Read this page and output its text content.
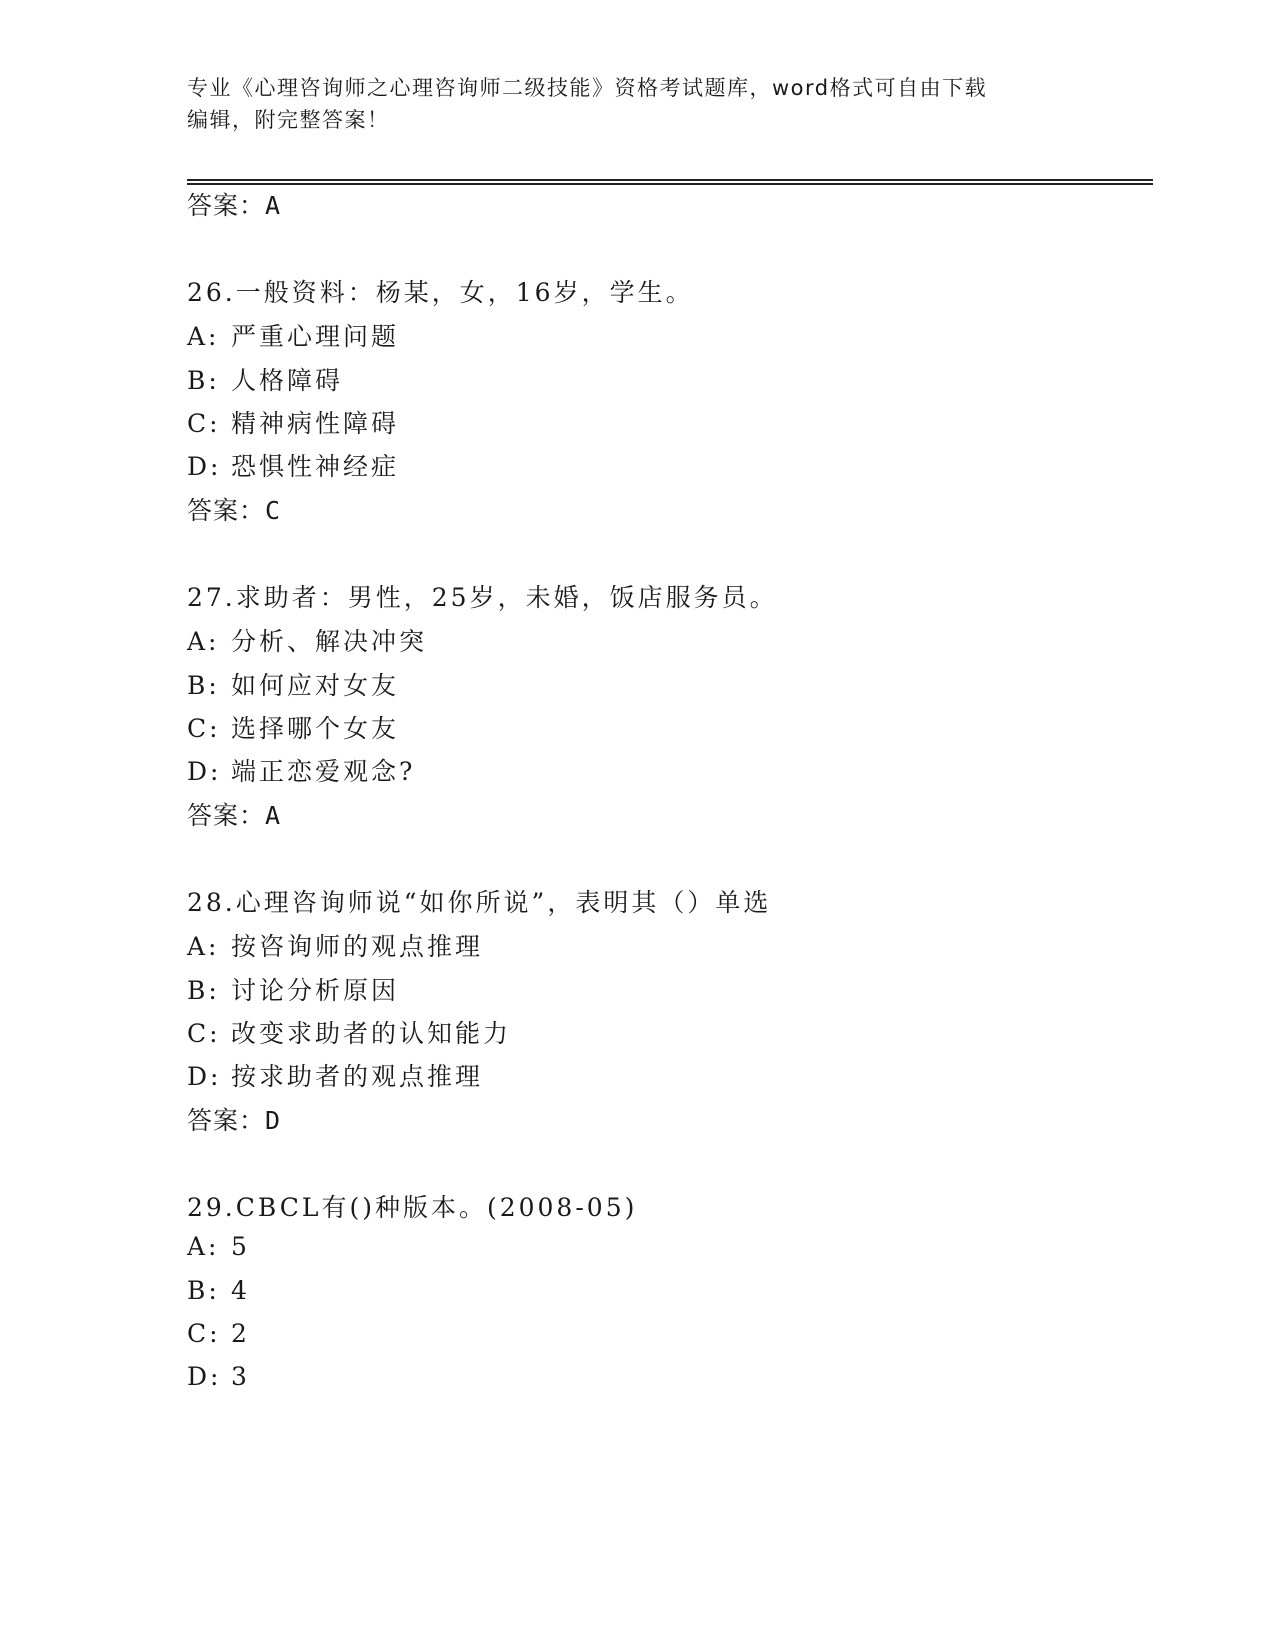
专业《心理咨询师之心理咨询师二级技能》资格考试题库，word格式可自由下载
编辑，附完整答案！
答案：A
26.一般资料：杨某，女，16岁，学生。
A: 严重心理问题
B: 人格障碍
C: 精神病性障碍
D: 恐惧性神经症
答案：C
27.求助者：男性，25岁，未婚，饭店服务员。
A: 分析、解决冲突
B: 如何应对女友
C: 选择哪个女友
D: 端正恋爱观念?
答案：A
28.心理咨询师说“如你所说”，表明其（）单选
A: 按咨询师的观点推理
B: 讨论分析原因
C: 改变求助者的认知能力
D: 按求助者的观点推理
答案：D
29.CBCL有()种版本。(2008-05)
A: 5
B: 4
C: 2
D: 3
